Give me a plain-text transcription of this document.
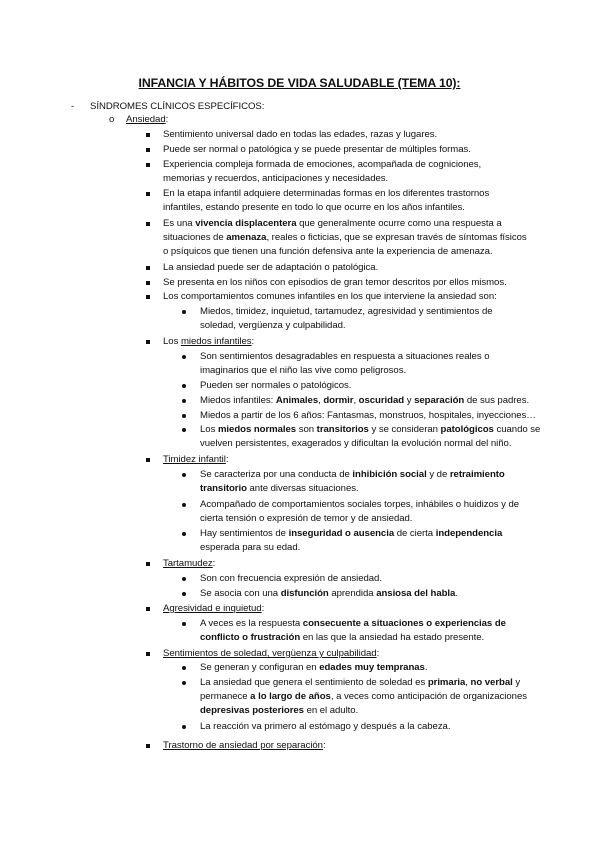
INFANCIA Y HÁBITOS DE VIDA SALUDABLE (TEMA 10):
- SÍNDROMES CLÍNICOS ESPECÍFICOS:
o Ansiedad:
Sentimiento universal dado en todas las edades, razas y lugares.
Puede ser normal o patológica y se puede presentar de múltiples formas.
Experiencia compleja formada de emociones, acompañada de cogniciones,
memorias y recuerdos, anticipaciones y necesidades.
En la etapa infantil adquiere determinadas formas en los diferentes trastornos
infantiles, estando presente en todo lo que ocurre en los años infantiles.
Es una vivencia displacentera que generalmente ocurre como una respuesta a
situaciones de amenaza, reales o ficticias, que se expresan través de síntomas físicos
o psíquicos que tienen una función defensiva ante la experiencia de amenaza.
La ansiedad puede ser de adaptación o patológica.
Se presenta en los niños con episodios de gran temor descritos por ellos mismos.
Los comportamientos comunes infantiles en los que interviene la ansiedad son:
Miedos, timidez, inquietud, tartamudez, agresividad y sentimientos de
soledad, vergüenza y culpabilidad.
Los miedos infantiles:
Son sentimientos desagradables en respuesta a situaciones reales o
imaginarios que el niño las vive como peligrosos.
Pueden ser normales o patológicos.
Miedos infantiles: Animales, dormir, oscuridad y separación de sus padres.
Miedos a partir de los 6 años: Fantasmas, monstruos, hospitales, inyecciones…
Los miedos normales son transitorios y se consideran patológicos cuando se
vuelven persistentes, exagerados y dificultan la evolución normal del niño.
Timidez infantil:
Se caracteriza por una conducta de inhibición social y de retraimiento
transitorio ante diversas situaciones.
Acompañado de comportamientos sociales torpes, inhábiles o huidizos y de
cierta tensión o expresión de temor y de ansiedad.
Hay sentimientos de inseguridad o ausencia de cierta independencia
esperada para su edad.
Tartamudez:
Son con frecuencia expresión de ansiedad.
Se asocia con una disfunción aprendida ansiosa del habla.
Agresividad e inquietud:
A veces es la respuesta consecuente a situaciones o experiencias de
conflicto o frustración en las que la ansiedad ha estado presente.
Sentimientos de soledad, vergüenza y culpabilidad:
Se generan y configuran en edades muy tempranas.
La ansiedad que genera el sentimiento de soledad es primaria, no verbal y
permanece a lo largo de años, a veces como anticipación de organizaciones
depresivas posteriores en el adulto.
La reacción va primero al estómago y después a la cabeza.
Trastorno de ansiedad por separación:
